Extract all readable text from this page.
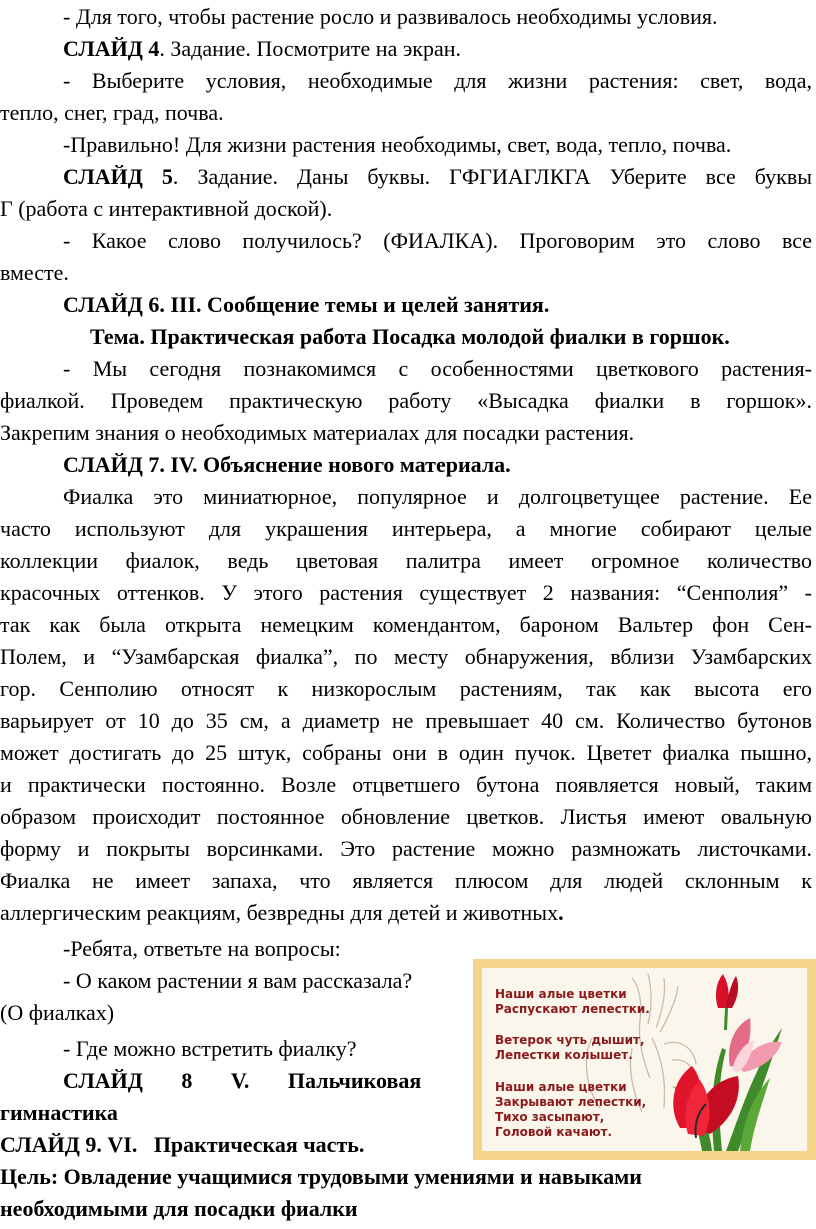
- Для того, чтобы растение росло и развивалось необходимы условия.
СЛАЙД 4. Задание. Посмотрите на экран.
- Выберите условия, необходимые для жизни растения: свет, вода,
тепло, снег, град, почва.
-Правильно! Для жизни растения необходимы, свет, вода, тепло, почва.
СЛАЙД 5. Задание. Даны буквы. ГФГИАГЛКГА Уберите все буквы
Г (работа с интерактивной доской).
- Какое слово получилось? (ФИАЛКА). Проговорим это слово все
вместе.
СЛАЙД 6. III. Сообщение темы и целей занятия.
Тема. Практическая работа Посадка молодой фиалки в горшок.
- Мы сегодня познакомимся с особенностями цветкового растения-
фиалкой. Проведем практическую работу «Высадка фиалки в горшок».
Закрепим знания о необходимых материалах для посадки растения.
СЛАЙД 7. IV. Объяснение нового материала.
Фиалка это миниатюрное, популярное и долгоцветущее растение. Ее
часто используют для украшения интерьера, а многие собирают целые
коллекции фиалок, ведь цветовая палитра имеет огромное количество
красочных оттенков. У этого растения существует 2 названия: “Сенполия” -
так как была открыта немецким комендантом, бароном Вальтер фон Сен-
Полем, и “Узамбарская фиалка”, по месту обнаружения, вблизи Узамбарских
гор. Сенполию относят к низкорослым растениям, так как высота его
варьирует от 10 до 35 см, а диаметр не превышает 40 см. Количество бутонов
может достигать до 25 штук, собраны они в один пучок. Цветет фиалка пышно,
и практически постоянно. Возле отцветшего бутона появляется новый, таким
образом происходит постоянное обновление цветков. Листья имеют овальную
форму и покрыты ворсинками. Это растение можно размножать листочками.
Фиалка не имеет запаха, что является плюсом для людей склонным к
аллергическим реакциям, безвредны для детей и животных.
-Ребята, ответьте на вопросы:
- О каком растении я вам рассказала?
(О фиалках)
- Где можно встретить фиалку?
СЛАЙД       8       V.       Пальчиковая
гимнастика
СЛАЙД 9. VI.   Практическая часть.
Цель: Овладение учащимися трудовыми умениями и навыками
необходимыми для посадки фиалки
Наши алые цветки
Распускают лепестки.
Ветерок чуть дышит,
Лепестки колышет.
Наши алые цветки
Закрывают лепестки,
Тихо засыпают,
Головой качают.
